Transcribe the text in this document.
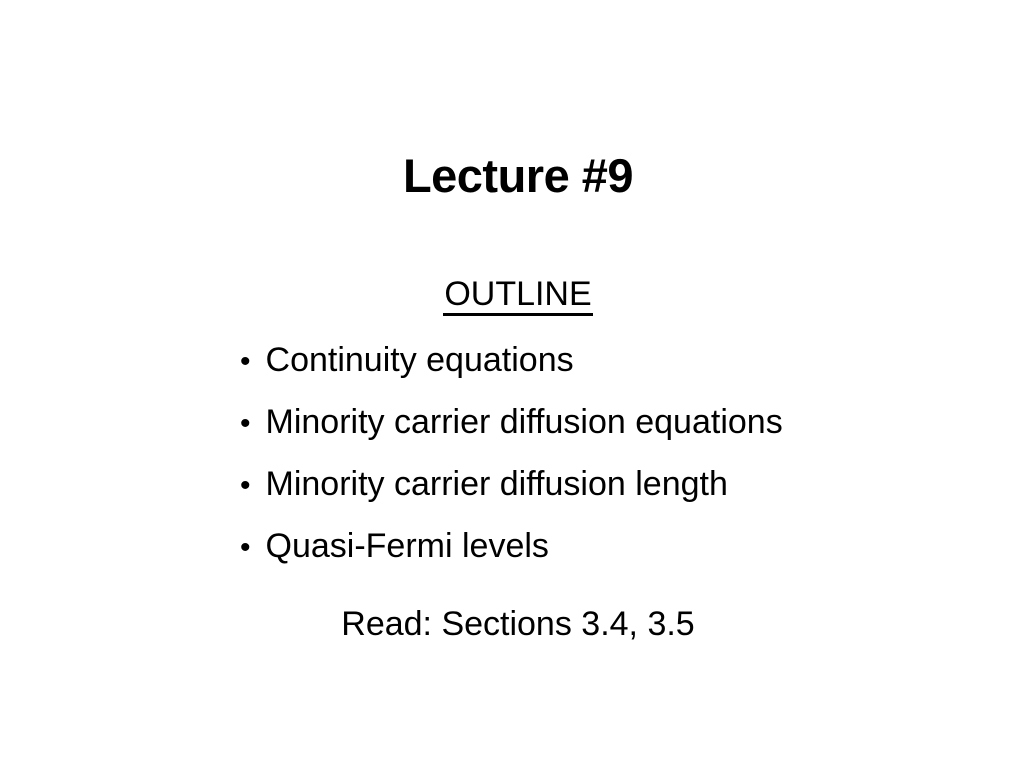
Lecture #9
OUTLINE
• Continuity equations
• Minority carrier diffusion equations
• Minority carrier diffusion length
• Quasi-Fermi levels
Read: Sections 3.4, 3.5
